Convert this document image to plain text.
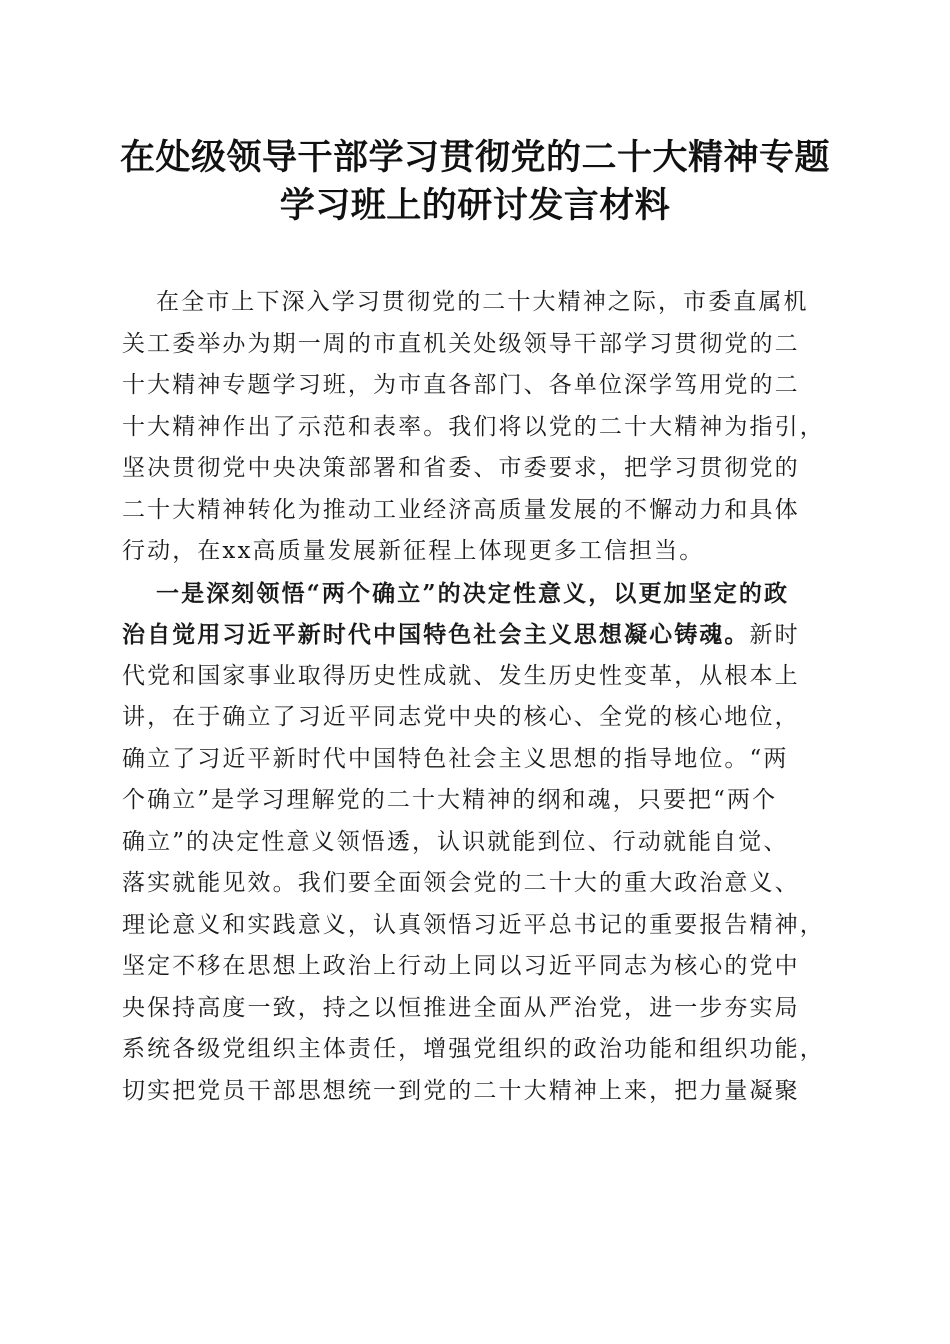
在处级领导干部学习贯彻党的二十大精神专题
学习班上的研讨发言材料

在全市上下深入学习贯彻党的二十大精神之际，市委直属机
关工委举办为期一周的市直机关处级领导干部学习贯彻党的二
十大精神专题学习班，为市直各部门、各单位深学笃用党的二
十大精神作出了示范和表率。我们将以党的二十大精神为指引，
坚决贯彻党中央决策部署和省委、市委要求，把学习贯彻党的
二十大精神转化为推动工业经济高质量发展的不懈动力和具体
行动，在xx高质量发展新征程上体现更多工信担当。

一是深刻领悟“两个确立”的决定性意义，以更加坚定的政
治自觉用习近平新时代中国特色社会主义思想凝心铸魂。新时
代党和国家事业取得历史性成就、发生历史性变革，从根本上
讲，在于确立了习近平同志党中央的核心、全党的核心地位，
确立了习近平新时代中国特色社会主义思想的指导地位。“两
个确立”是学习理解党的二十大精神的纲和魂，只要把“两个
确立”的决定性意义领悟透，认识就能到位、行动就能自觉、
落实就能见效。我们要全面领会党的二十大的重大政治意义、
理论意义和实践意义，认真领悟习近平总书记的重要报告精神，
坚定不移在思想上政治上行动上同以习近平同志为核心的党中
央保持高度一致，持之以恒推进全面从严治党，进一步夯实局
系统各级党组织主体责任，增强党组织的政治功能和组织功能，
切实把党员干部思想统一到党的二十大精神上来，把力量凝聚
